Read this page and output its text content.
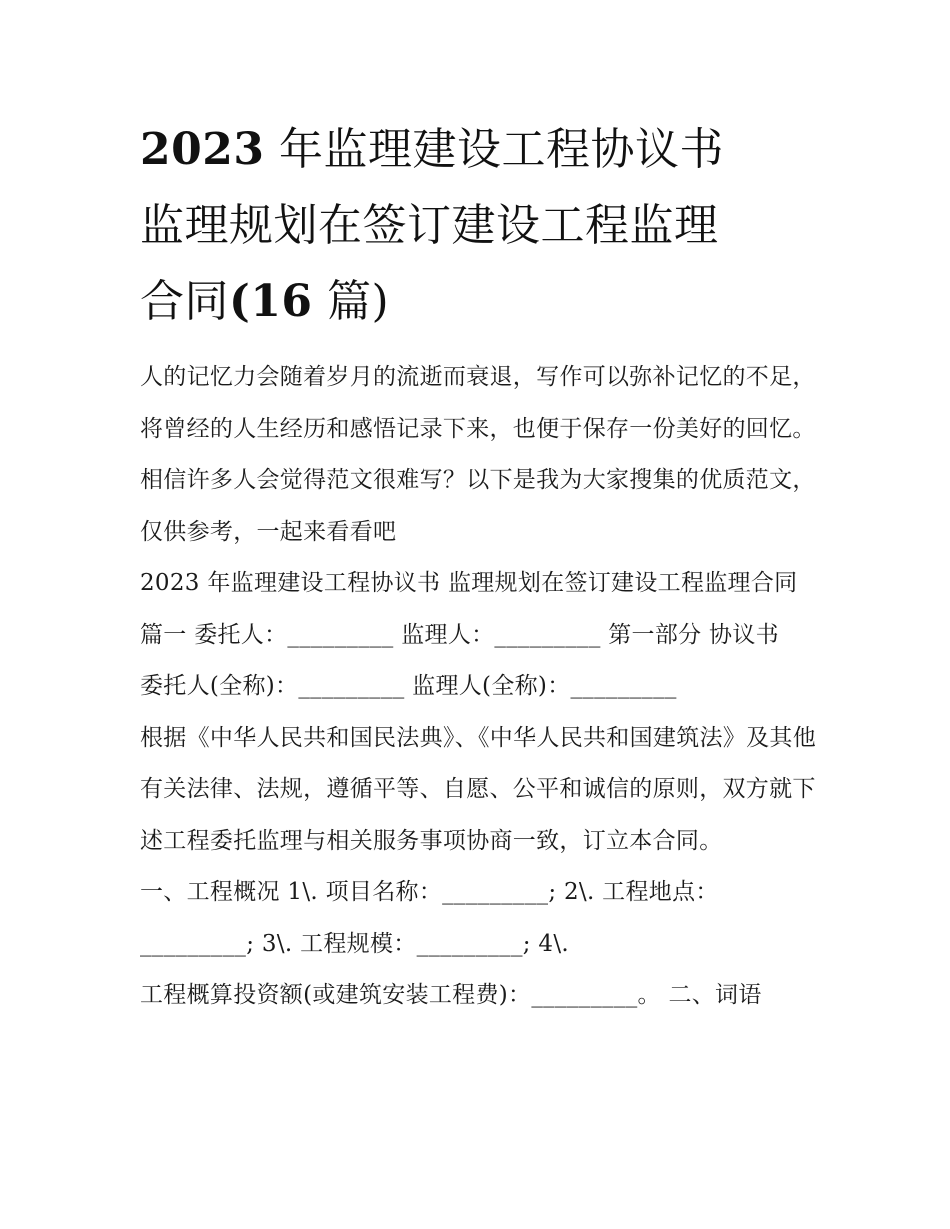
2023 年监理建设工程协议书
监理规划在签订建设工程监理
合同(16 篇)

人的记忆力会随着岁月的流逝而衰退，写作可以弥补记忆的不足，将曾经的人生经历和感悟记录下来，也便于保存一份美好的回忆。相信许多人会觉得范文很难写？以下是我为大家搜集的优质范文，仅供参考，一起来看看吧

2023 年监理建设工程协议书 监理规划在签订建设工程监理合同篇一 委托人：_________ 监理人：_________ 第一部分 协议书

委托人(全称)：_________ 监理人(全称)：_________

根据《中华人民共和国民法典》、《中华人民共和国建筑法》及其他有关法律、法规，遵循平等、自愿、公平和诚信的原则，双方就下述工程委托监理与相关服务事项协商一致，订立本合同。

一、工程概况 1\. 项目名称：_________; 2\. 工程地点：_________; 3\. 工程规模：_________; 4\.

工程概算投资额(或建筑安装工程费)：_________。 二、词语
